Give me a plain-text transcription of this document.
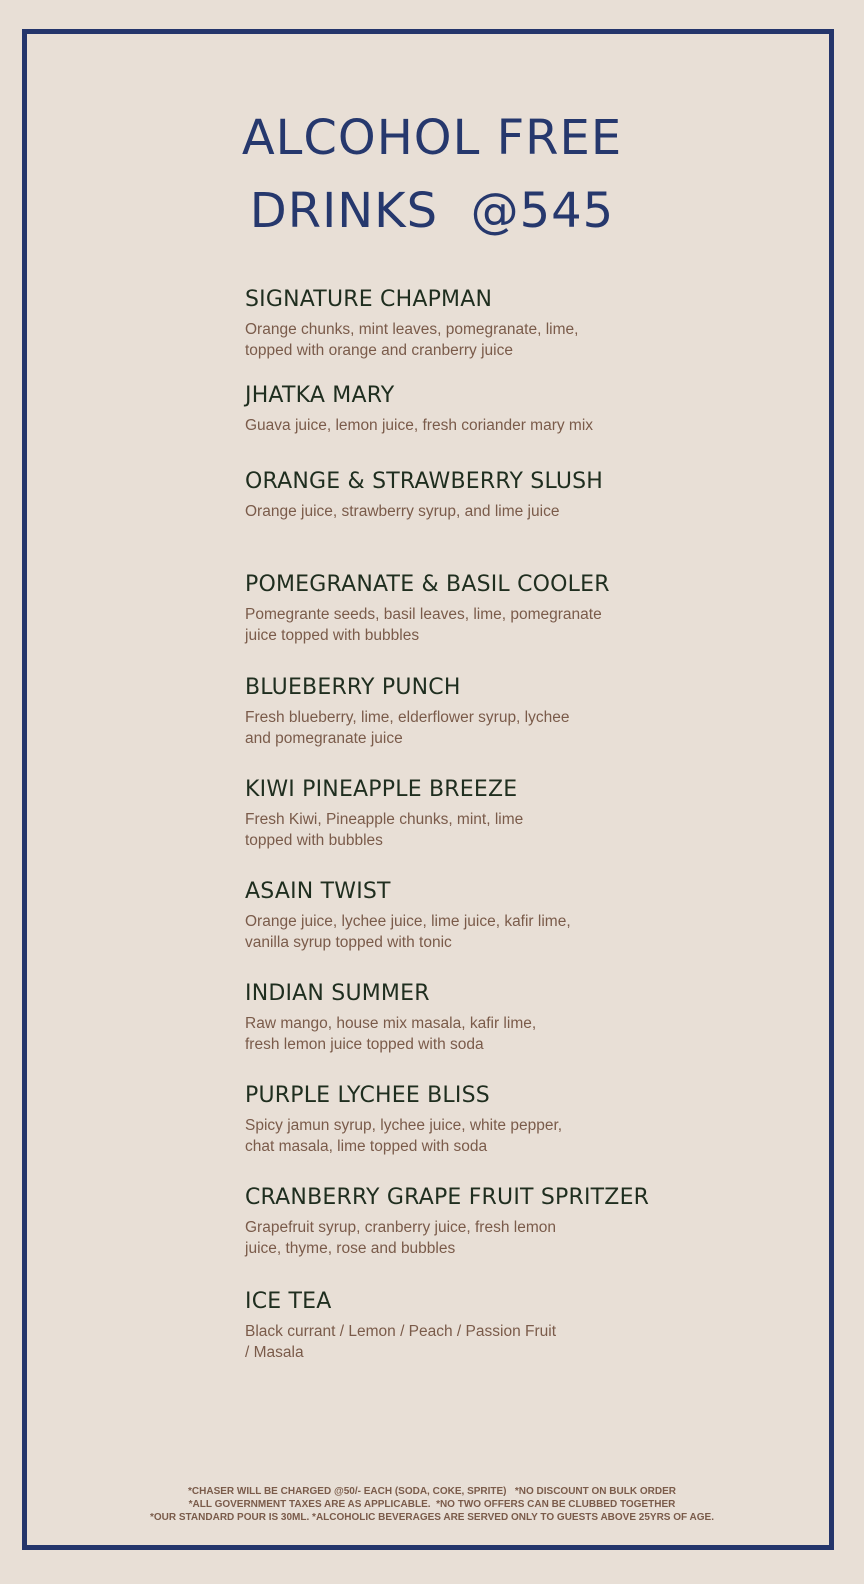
ALCOHOL FREE
DRINKS  @545
SIGNATURE CHAPMAN
Orange chunks, mint leaves, pomegranate, lime,
topped with orange and cranberry juice
JHATKA MARY
Guava juice, lemon juice, fresh coriander mary mix
ORANGE & STRAWBERRY SLUSH
Orange juice, strawberry syrup, and lime juice
POMEGRANATE & BASIL COOLER
Pomegrante seeds, basil leaves, lime, pomegranate
juice topped with bubbles
BLUEBERRY PUNCH
Fresh blueberry, lime, elderflower syrup, lychee
and pomegranate juice
KIWI PINEAPPLE BREEZE
Fresh Kiwi, Pineapple chunks, mint, lime
topped with bubbles
ASAIN TWIST
Orange juice, lychee juice, lime juice, kafir lime,
vanilla syrup topped with tonic
INDIAN SUMMER
Raw mango, house mix masala, kafir lime,
fresh lemon juice topped with soda
PURPLE LYCHEE BLISS
Spicy jamun syrup, lychee juice, white pepper,
chat masala, lime topped with soda
CRANBERRY GRAPE FRUIT SPRITZER
Grapefruit syrup, cranberry juice, fresh lemon
juice, thyme, rose and bubbles
ICE TEA
Black currant / Lemon / Peach / Passion Fruit
/ Masala
*CHASER WILL BE CHARGED @50/- EACH (SODA, COKE, SPRITE)   *NO DISCOUNT ON BULK ORDER
*ALL GOVERNMENT TAXES ARE AS APPLICABLE.  *NO TWO OFFERS CAN BE CLUBBED TOGETHER
*OUR STANDARD POUR IS 30ML. *ALCOHOLIC BEVERAGES ARE SERVED ONLY TO GUESTS ABOVE 25YRS OF AGE.
